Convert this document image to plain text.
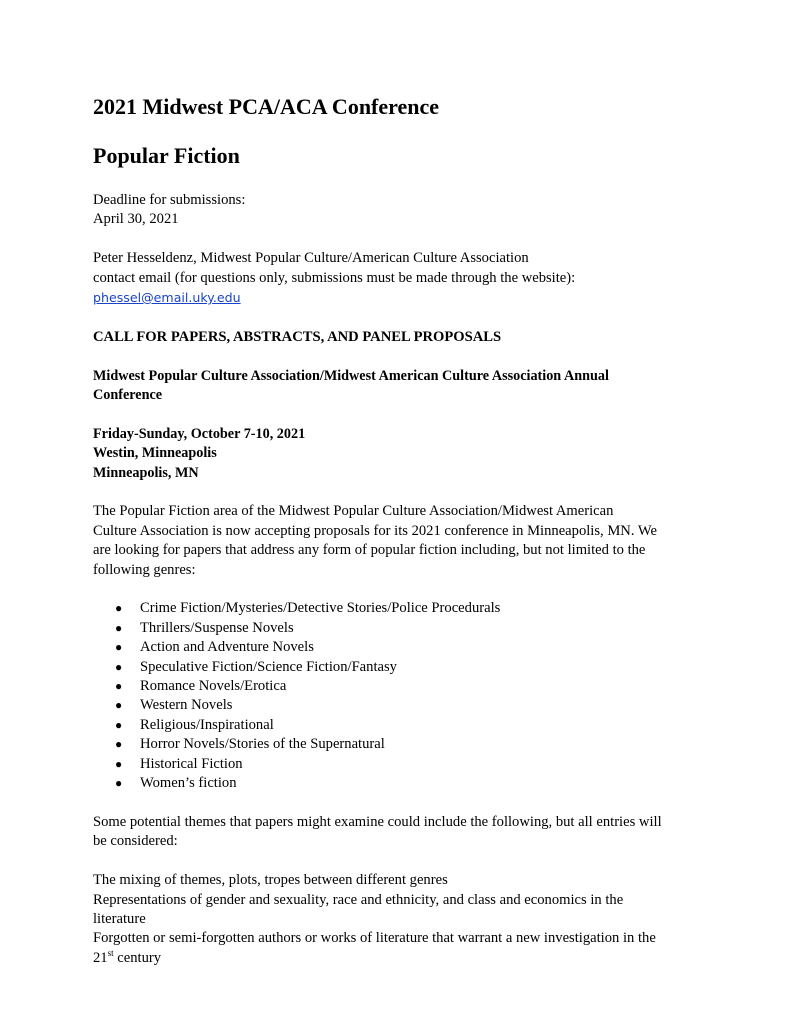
2021 Midwest PCA/ACA Conference
Popular Fiction

Deadline for submissions:
April 30, 2021

Peter Hesseldenz, Midwest Popular Culture/American Culture Association
contact email (for questions only, submissions must be made through the website):
phessel@email.uky.edu

CALL FOR PAPERS, ABSTRACTS, AND PANEL PROPOSALS

Midwest Popular Culture Association/Midwest American Culture Association Annual
Conference

Friday-Sunday, October 7-10, 2021
Westin, Minneapolis
Minneapolis, MN

The Popular Fiction area of the Midwest Popular Culture Association/Midwest American
Culture Association is now accepting proposals for its 2021 conference in Minneapolis, MN. We
are looking for papers that address any form of popular fiction including, but not limited to the
following genres:

● Crime Fiction/Mysteries/Detective Stories/Police Procedurals
● Thrillers/Suspense Novels
● Action and Adventure Novels
● Speculative Fiction/Science Fiction/Fantasy
● Romance Novels/Erotica
● Western Novels
● Religious/Inspirational
● Horror Novels/Stories of the Supernatural
● Historical Fiction
● Women’s fiction

Some potential themes that papers might examine could include the following, but all entries will
be considered:

The mixing of themes, plots, tropes between different genres

Representations of gender and sexuality, race and ethnicity, and class and economics in the
literature

Forgotten or semi-forgotten authors or works of literature that warrant a new investigation in the
21st century
